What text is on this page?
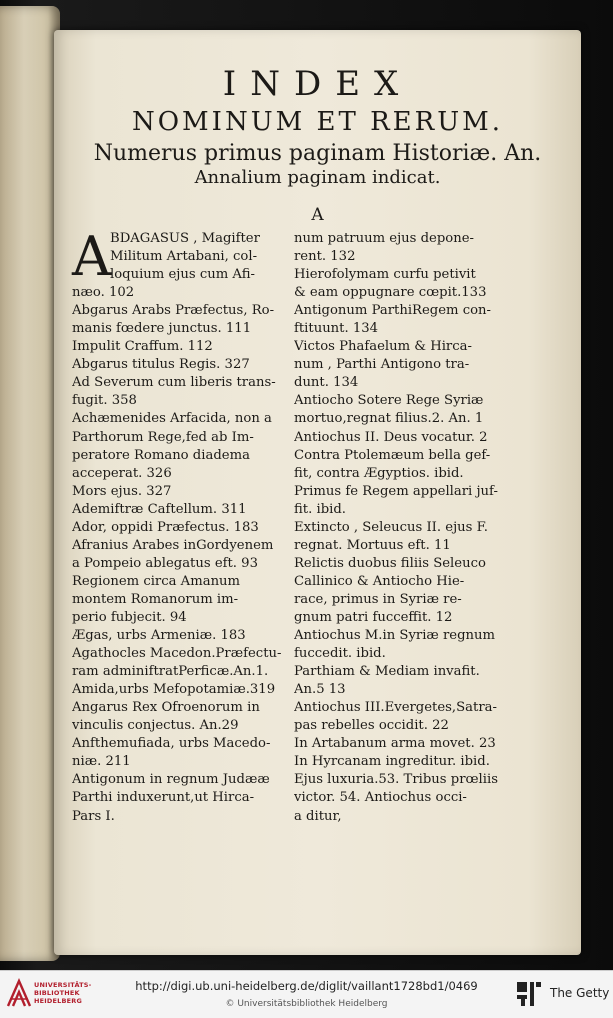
INDEX
NOMINUM ET RERUM.
Numerus primus paginam Historiæ. An.
Annalium paginam indicat.
A
A BDAGASUS , Magifter
Militum Artabani, col-
loquium ejus cum Afi-
næo. 102
Abgarus Arabs Præfectus, Ro-
manis fœdere junctus. 111
Impulit Craffum. 112
Abgarus titulus Regis. 327
Ad Severum cum liberis trans-
fugit. 358
Achæmenides Arfacida, non a
Parthorum Rege,fed ab Im-
peratore Romano diadema
acceperat. 326
Mors ejus. 327
Ademiftræ Caftellum. 311
Ador, oppidi Præfectus. 183
Afranius Arabes inGordyenem
a Pompeio ablegatus eft. 93
Regionem circa Amanum
montem Romanorum im-
perio fubjecit. 94
Ægas, urbs Armeniæ. 183
Agathocles Macedon.Præfectu-
ram adminiftratPerficæ.An.1.
Amida,urbs Mefopotamiæ.319
Angarus Rex Ofroenorum in
vinculis conjectus. An.29
Anfthemufiada, urbs Macedo-
niæ. 211
Antigonum in regnum Judææ
Parthi induxerunt,ut Hirca-
Pars I.
num patruum ejus depone-
rent. 132
Hierofolymam curfu petivit
& eam oppugnare cœpit.133
Antigonum ParthiRegem con-
ftituunt. 134
Victos Phafaelum & Hirca-
num , Parthi Antigono tra-
dunt. 134
Antiocho Sotere Rege Syriæ
mortuo,regnat filius.2. An. 1
Antiochus II. Deus vocatur. 2
Contra Ptolemæum bella gef-
fit, contra Ægyptios. ibid.
Primus fe Regem appellari juf-
fit. ibid.
Extincto , Seleucus II. ejus F.
regnat. Mortuus eft. 11
Relictis duobus filiis Seleuco
Callinico & Antiocho Hie-
race, primus in Syriæ re-
gnum patri fucceffit. 12
Antiochus M.in Syriæ regnum
fuccedit. ibid.
Parthiam & Mediam invafit.
An.5 13
Antiochus III.Evergetes,Satra-
pas rebelles occidit. 22
In Artabanum arma movet. 23
In Hyrcanam ingreditur. ibid.
Ejus luxuria.53. Tribus prœliis
victor. 54. Antiochus occi-
a ditur,
UNIVERSITÄTS-
BIBLIOTHEK
HEIDELBERG
http://digi.ub.uni-heidelberg.de/diglit/vaillant1728bd1/0469
© Universitätsbibliothek Heidelberg
The Getty
